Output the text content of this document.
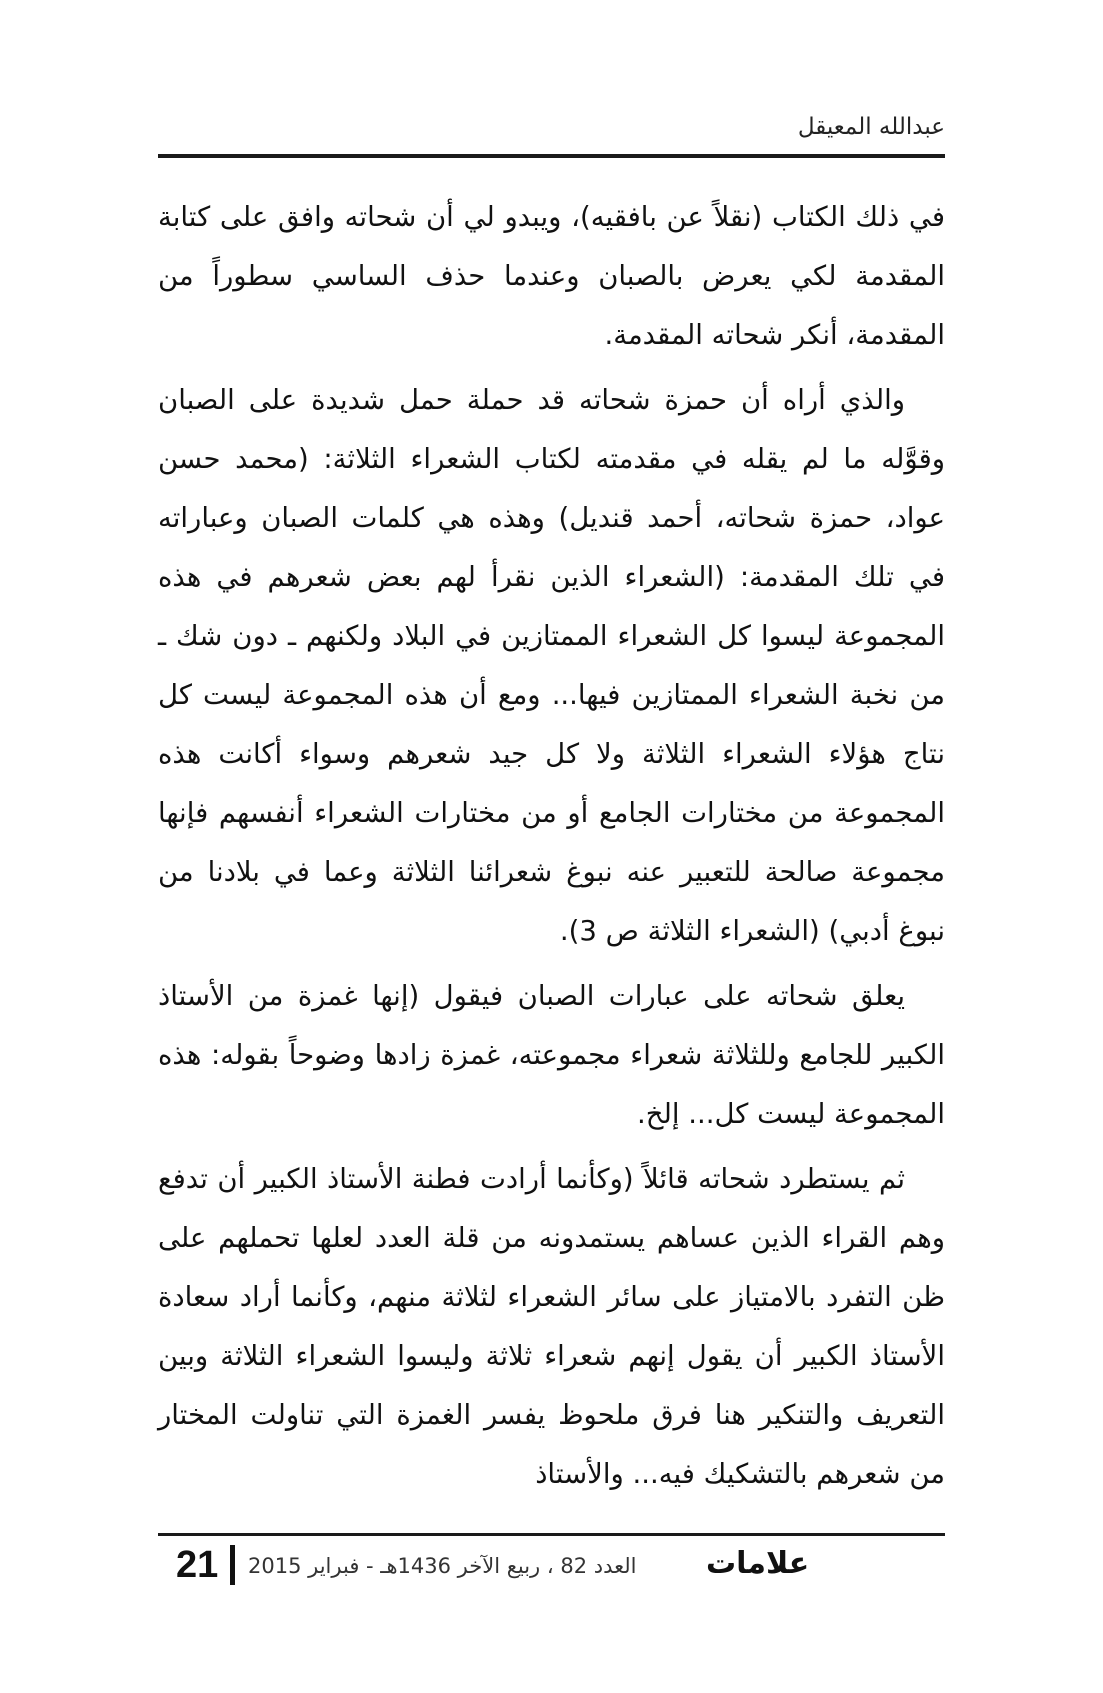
عبدالله المعيقل

في ذلك الكتاب (نقلاً عن بافقيه)، ويبدو لي أن شحاته وافق على كتابة المقدمة لكي يعرض بالصبان وعندما حذف الساسي سطوراً من المقدمة، أنكر شحاته المقدمة.

والذي أراه أن حمزة شحاته قد حملة حمل شديدة على الصبان وقوَّله ما لم يقله في مقدمته لكتاب الشعراء الثلاثة: (محمد حسن عواد، حمزة شحاته، أحمد قنديل) وهذه هي كلمات الصبان وعباراته في تلك المقدمة: (الشعراء الذين نقرأ لهم بعض شعرهم في هذه المجموعة ليسوا كل الشعراء الممتازين في البلاد ولكنهم ـ دون شك ـ من نخبة الشعراء الممتازين فيها... ومع أن هذه المجموعة ليست كل نتاج هؤلاء الشعراء الثلاثة ولا كل جيد شعرهم وسواء أكانت هذه المجموعة من مختارات الجامع أو من مختارات الشعراء أنفسهم فإنها مجموعة صالحة للتعبير عنه نبوغ شعرائنا الثلاثة وعما في بلادنا من نبوغ أدبي) (الشعراء الثلاثة ص 3).

يعلق شحاته على عبارات الصبان فيقول (إنها غمزة من الأستاذ الكبير للجامع وللثلاثة شعراء مجموعته، غمزة زادها وضوحاً بقوله: هذه المجموعة ليست كل... إلخ.

ثم يستطرد شحاته قائلاً (وكأنما أرادت فطنة الأستاذ الكبير أن تدفع وهم القراء الذين عساهم يستمدونه من قلة العدد لعلها تحملهم على ظن التفرد بالامتياز على سائر الشعراء لثلاثة منهم، وكأنما أراد سعادة الأستاذ الكبير أن يقول إنهم شعراء ثلاثة وليسوا الشعراء الثلاثة وبين التعريف والتنكير هنا فرق ملحوظ يفسر الغمزة التي تناولت المختار من شعرهم بالتشكيك فيه... والأستاذ

21 العدد 82 ، ربيع الآخر 1436هـ - فبراير 2015 علامات
